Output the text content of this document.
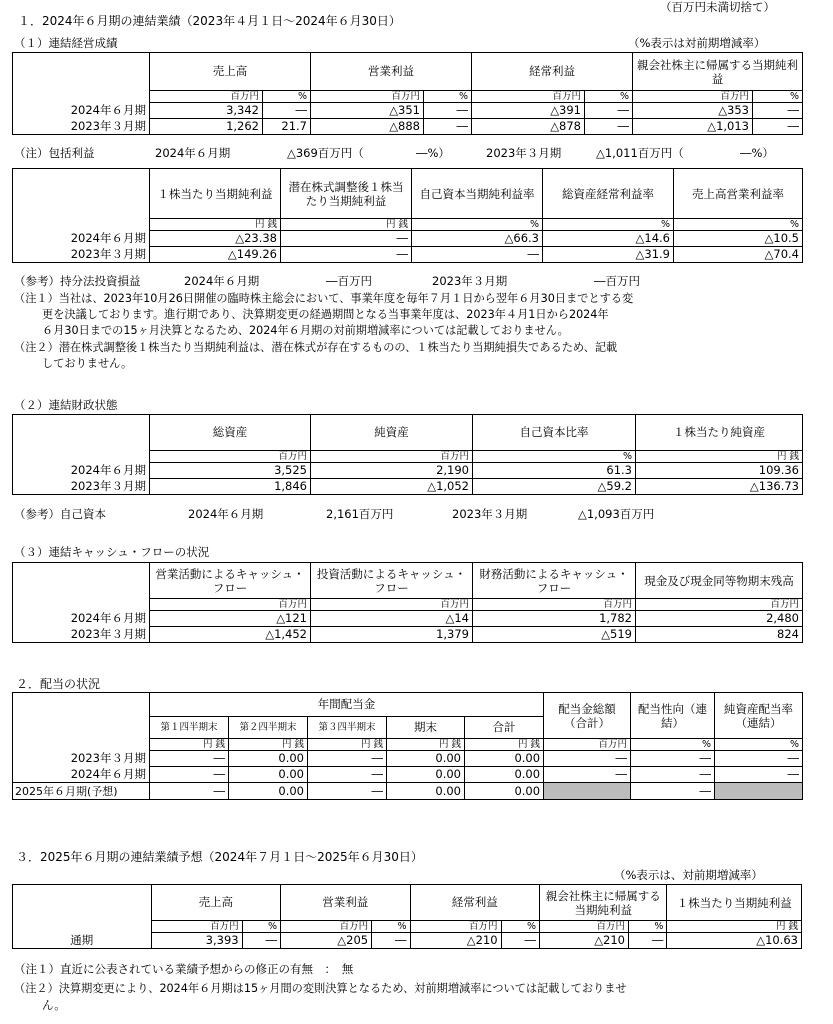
（百万円未満切捨て）
１．2024年６月期の連結業績（2023年４月１日～2024年６月30日）
（１）連結経営成績	（%表示は対前期増減率）
	売上高		営業利益		経常利益		親会社株主に帰属する当期純利益	
	百万円	%	百万円	%	百万円	%	百万円	%
2024年６月期	3,342	―	△351	―	△391	―	△353	―
2023年３月期	1,262	21.7	△888	―	△878	―	△1,013	―
（注）包括利益	2024年６月期	△369百万円（	―%）	2023年３月期	△1,011百万円（	―%）
	１株当たり当期純利益	潜在株式調整後１株当たり当期純利益	自己資本当期純利益率	総資産経常利益率	売上高営業利益率
	円 銭	円 銭	%	%	%
2024年６月期	△23.38	―	△66.3	△14.6	△10.5
2023年３月期	△149.26	―	―	△31.9	△70.4
（参考）持分法投資損益	2024年６月期	―百万円	2023年３月期	―百万円
（注１）当社は、2023年10月26日開催の臨時株主総会において、事業年度を毎年７月１日から翌年６月30日までとする変
更を決議しております。進行期であり、決算期変更の経過期間となる当事業年度は、2023年４月1日から2024年
６月30日までの15ヶ月決算となるため、2024年６月期の対前期増減率については記載しておりません。
（注２）潜在株式調整後１株当たり当期純利益は、潜在株式が存在するものの、１株当たり当期純損失であるため、記載
しておりません。
（２）連結財政状態
	総資産	純資産	自己資本比率	１株当たり純資産
	百万円	百万円	%	円 銭
2024年６月期	3,525	2,190	61.3	109.36
2023年３月期	1,846	△1,052	△59.2	△136.73
（参考）自己資本	2024年６月期	2,161百万円	2023年３月期	△1,093百万円
（３）連結キャッシュ・フローの状況
	営業活動によるキャッシュ・フロー	投資活動によるキャッシュ・フロー	財務活動によるキャッシュ・フロー	現金及び現金同等物期末残高
	百万円	百万円	百万円	百万円
2024年６月期	△121	△14	1,782	2,480
2023年３月期	△1,452	1,379	△519	824
２．配当の状況
	年間配当金					配当金総額（合計）	配当性向（連結）	純資産配当率（連結）
	第１四半期末	第２四半期末	第３四半期末	期末	合計			
	円 銭	円 銭	円 銭	円 銭	円 銭	百万円	%	%
2023年３月期	―	0.00	―	0.00	0.00	―	―	―
2024年６月期	―	0.00	―	0.00	0.00	―	―	―
2025年６月期(予想)	―	0.00	―	0.00	0.00		―	
３．2025年６月期の連結業績予想（2024年７月１日～2025年６月30日）
（%表示は、対前期増減率）
	売上高		営業利益		経常利益		親会社株主に帰属する当期純利益		１株当たり当期純利益
	百万円	%	百万円	%	百万円	%	百万円	%	円 銭
通期	3,393	―	△205	―	△210	―	△210	―	△10.63
（注１）直近に公表されている業績予想からの修正の有無　：　無
（注２）決算期変更により、2024年６月期は15ヶ月間の変則決算となるため、対前期増減率については記載しておりませ
ん。
